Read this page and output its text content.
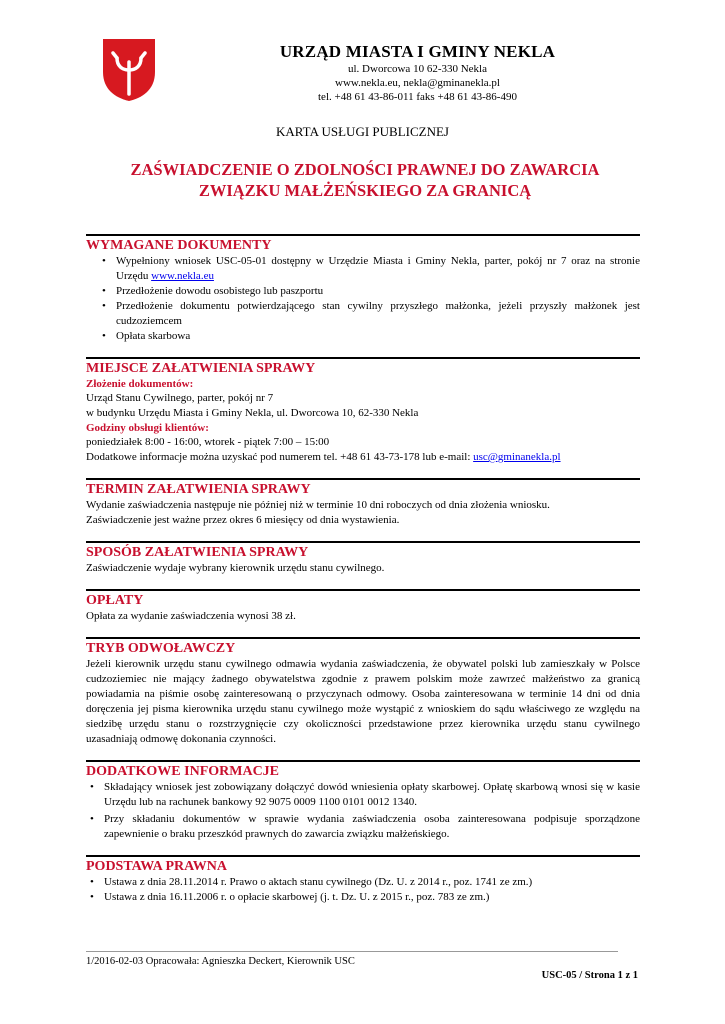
URZĄD MIASTA I GMINY NEKLA
ul. Dworcowa 10 62-330 Nekla
www.nekla.eu, nekla@gminanekla.pl
tel. +48 61 43-86-011 faks +48 61 43-86-490
KARTA USŁUGI PUBLICZNEJ
ZAŚWIADCZENIE O ZDOLNOŚCI PRAWNEJ DO ZAWARCIA
ZWIĄZKU MAŁŻEŃSKIEGO ZA GRANICĄ
WYMAGANE DOKUMENTY
• Wypełniony wniosek USC-05-01 dostępny w Urzędzie Miasta i Gminy Nekla, parter, pokój nr 7 oraz na stronie Urzędu www.nekla.eu
• Przedłożenie dowodu osobistego lub paszportu
• Przedłożenie dokumentu potwierdzającego stan cywilny przyszłego małżonka, jeżeli przyszły małżonek jest cudzoziemcem
• Opłata skarbowa
MIEJSCE ZAŁATWIENIA SPRAWY
Złożenie dokumentów:
Urząd Stanu Cywilnego, parter, pokój nr 7
w budynku Urzędu Miasta i Gminy Nekla, ul. Dworcowa 10, 62-330 Nekla
Godziny obsługi klientów:
poniedziałek 8:00 - 16:00, wtorek - piątek 7:00 – 15:00
Dodatkowe informacje można uzyskać pod numerem tel. +48 61 43-73-178 lub e-mail: usc@gminanekla.pl
TERMIN ZAŁATWIENIA SPRAWY
Wydanie zaświadczenia następuje nie później niż w terminie 10 dni roboczych od dnia złożenia wniosku.
Zaświadczenie jest ważne przez okres 6 miesięcy od dnia wystawienia.
SPOSÓB ZAŁATWIENIA SPRAWY
Zaświadczenie wydaje wybrany kierownik urzędu stanu cywilnego.
OPŁATY
Opłata za wydanie zaświadczenia wynosi 38 zł.
TRYB ODWOŁAWCZY
Jeżeli kierownik urzędu stanu cywilnego odmawia wydania zaświadczenia, że obywatel polski lub zamieszkały w Polsce cudzoziemiec nie mający żadnego obywatelstwa zgodnie z prawem polskim może zawrzeć małżeństwo za granicą powiadamia na piśmie osobę zainteresowaną o przyczynach odmowy. Osoba zainteresowana w terminie 14 dni od dnia doręczenia jej pisma kierownika urzędu stanu cywilnego może wystąpić z wnioskiem do sądu właściwego ze względu na siedzibę urzędu stanu o rozstrzygnięcie czy okoliczności przedstawione przez kierownika urzędu stanu cywilnego uzasadniają odmowę dokonania czynności.
DODATKOWE INFORMACJE
• Składający wniosek jest zobowiązany dołączyć dowód wniesienia opłaty skarbowej. Opłatę skarbową wnosi się w kasie Urzędu lub na rachunek bankowy 92 9075 0009 1100 0101 0012 1340.
• Przy składaniu dokumentów w sprawie wydania zaświadczenia osoba zainteresowana podpisuje sporządzone zapewnienie o braku przeszkód prawnych do zawarcia związku małżeńskiego.
PODSTAWA PRAWNA
• Ustawa z dnia 28.11.2014 r. Prawo o aktach stanu cywilnego (Dz. U. z 2014 r., poz. 1741 ze zm.)
• Ustawa z dnia 16.11.2006 r. o opłacie skarbowej (j. t. Dz. U. z 2015 r., poz. 783 ze zm.)
1/2016-02-03 Opracowała: Agnieszka Deckert, Kierownik USC
USC-05 / Strona 1 z 1
